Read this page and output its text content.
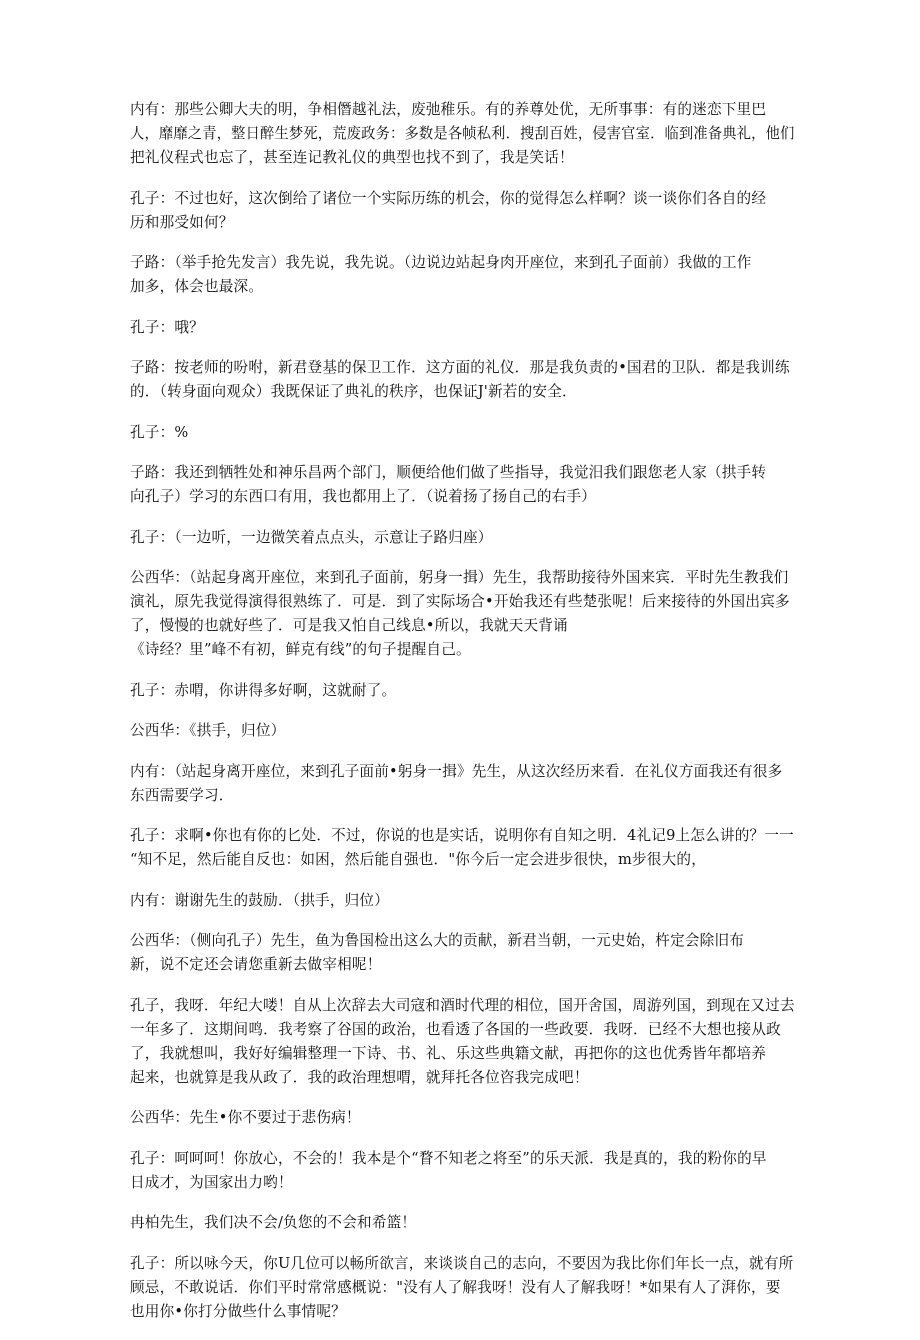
内有：那些公卿大夫的明，争相僭越礼法，废弛稚乐。有的养尊处优，无所事事：有的迷恋下里巴
人，靡靡之青，整日醉生梦死，荒废政务：多数是各帧私利．搜刮百姓，侵害官室．临到准备典礼，他们
把礼仪程式也忘了，甚至连记教礼仪的典型也找不到了，我是笑话！

孔子：不过也好，这次倒给了诸位一个实际历练的机会，你的觉得怎么样啊？谈一谈你们各自的经
历和那受如何？

子路：（举手抢先发言）我先说，我先说。（边说边站起身肉开座位，来到孔子面前）我做的工作
加多，体会也最深。

孔子：哦？

子路：按老师的吩咐，新君登基的保卫工作．这方面的礼仪．那是我负责的•国君的卫队．都是我训练
的．（转身面向观众）我既保证了典礼的秩序，也保证J'新若的安全．

孔子：%

子路：我还到牺牲处和神乐昌两个部门，顺便给他们做了些指导，我觉汨我们跟您老人家（拱手转
向孔子）学习的东西口有用，我也都用上了．（说着扬了扬自己的右手）

孔子：（一边听，一边微笑着点点头，示意让子路归座）

公西华：（站起身离开座位，来到孔子面前，躬身一揖）先生，我帮助接待外国来宾．平时先生教我们
演礼，原先我觉得演得很熟练了．可是．到了实际场合•开始我还有些楚张呢！后来接待的外国出宾多
了，慢慢的也就好些了．可是我又怕自己线息•所以，我就天天背诵
《诗经？里”峰不有初，鲜克有线”的句子提醒自己。

孔子：赤喟，你讲得多好啊，这就耐了。

公西华：《拱手，归位）

内有：（站起身离开座位，来到孔子面前•躬身一揖》先生，从这次经历来看．在礼仪方面我还有很多
东西需要学习．

孔子：求啊•你也有你的匕处．不过，你说的也是实话，说明你有自知之明．4礼记9上怎么讲的？一一
“知不足，然后能自反也：如困，然后能自强也．"你今后一定会进步很快，m步很大的，

内有：谢谢先生的鼓励．（拱手，归位）

公西华：（侧向孔子）先生，鱼为鲁国检出这么大的贡献，新君当朝，一元史始，杵定会除旧布
新，说不定还会请您重新去做宰相呢！

孔子，我呀．年纪大喽！自从上次辞去大司寇和酒时代理的相位，国开舍国，周游列国，到现在又过去
一年多了．这期间鸣．我考察了谷国的政治，也看透了各国的一些政要．我呀．已经不大想也接从政
了，我就想叫，我好好编辑整理一下诗、书、礼、乐这些典籍文献，再把你的这也优秀皆年都培养
起来，也就算是我从政了．我的政治理想喟，就拜托各位咨我完成吧！

公西华：先生•你不要过于悲伤病！

孔子：呵呵呵！你放心，不会的！我本是个“瞀不知老之将至”的乐天派．我是真的，我的粉你的早
日成才，为国家出力哟！

冉柏先生，我们决不会/负您的不会和希篮！

孔子：所以咏今天，你U几位可以畅所欲言，来谈谈自己的志向，不要因为我比你们年长一点，就有所
顾忌，不敢说话．你们平时常常感概说："没有人了解我呀！没有人了解我呀！*如果有人了湃你，要
也用你•你打分做些什么事情呢？
